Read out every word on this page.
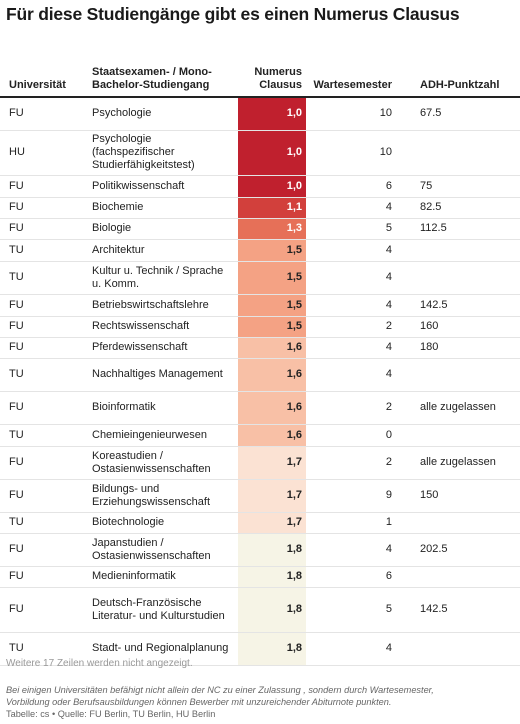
Für diese Studiengänge gibt es einen Numerus Clausus
Universität	Staatsexamen- / Mono-Bachelor-Studiengang	Numerus Clausus	Wartesemester	ADH-Punktzahl
FU	Psychologie	1,0	10	67.5
HU	Psychologie (fachspezifischer Studierfähigkeitstest)	1,0	10	
FU	Politikwissenschaft	1,0	6	75
FU	Biochemie	1,1	4	82.5
FU	Biologie	1,3	5	112.5
TU	Architektur	1,5	4	
TU	Kultur u. Technik / Sprache u. Komm.	1,5	4	
FU	Betriebswirtschaftslehre	1,5	4	142.5
FU	Rechtswissenschaft	1,5	2	160
FU	Pferdewissenschaft	1,6	4	180
TU	Nachhaltiges Management	1,6	4	
FU	Bioinformatik	1,6	2	alle zugelassen
TU	Chemieingenieurwesen	1,6	0	
FU	Koreastudien / Ostasienwissenschaften	1,7	2	alle zugelassen
FU	Bildungs- und Erziehungswissenschaft	1,7	9	150
TU	Biotechnologie	1,7	1	
FU	Japanstudien / Ostasienwissenschaften	1,8	4	202.5
FU	Medieninformatik	1,8	6	
FU	Deutsch-Französische Literatur- und Kulturstudien	1,8	5	142.5
TU	Stadt- und Regionalplanung	1,8	4	
Weitere 17 Zeilen werden nicht angezeigt.
Bei einigen Universitäten befähigt nicht allein der NC zu einer Zulassung , sondern durch Wartesemester, Vorbildung oder Berufsausbildungen können Bewerber mit unzureichender Abiturnote punkten.
Tabelle: cs • Quelle: FU Berlin, TU Berlin, HU Berlin
